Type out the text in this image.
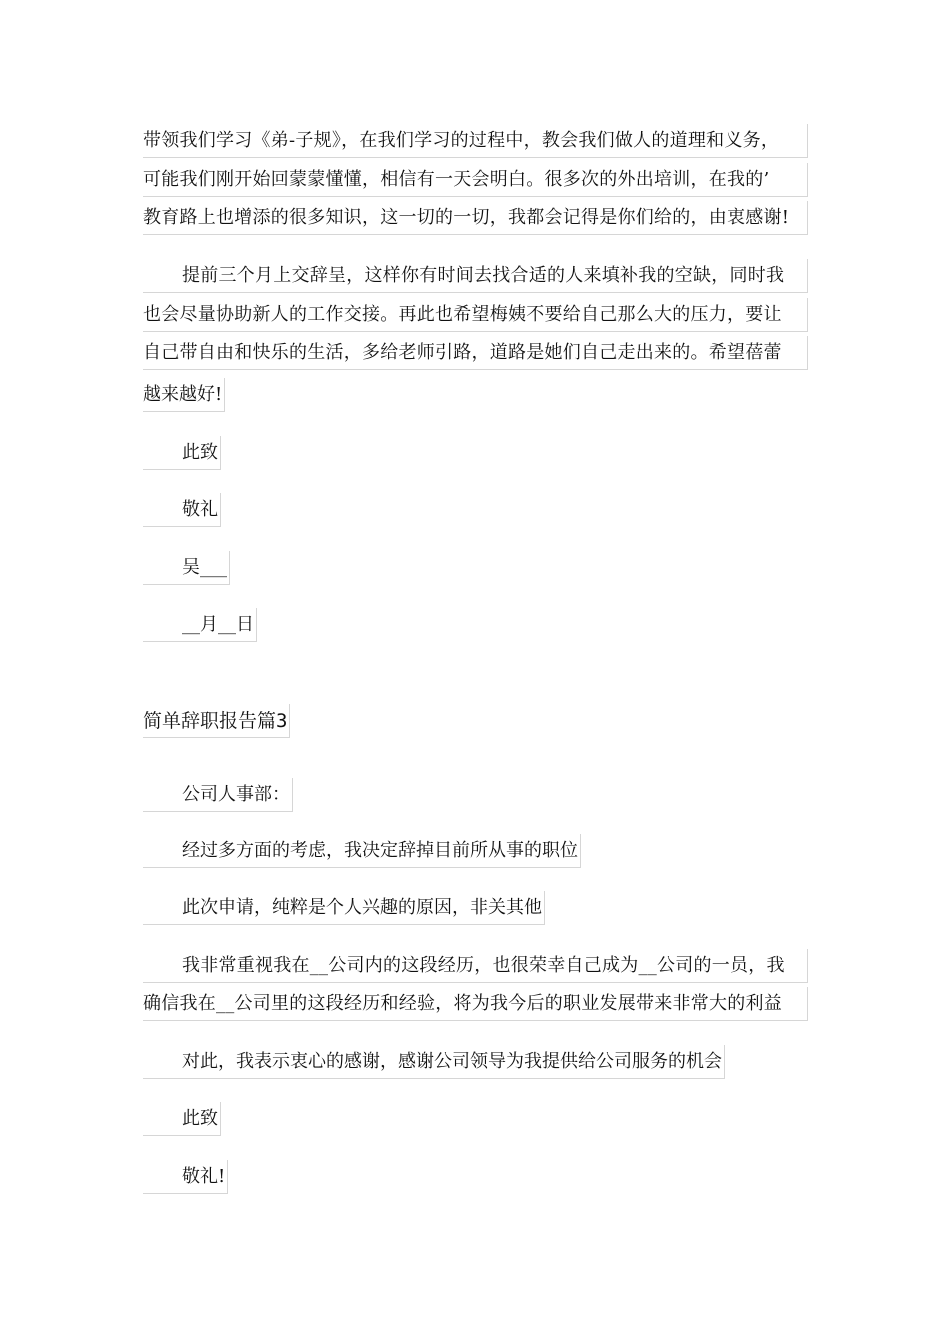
带领我们学习《弟-子规》，在我们学习的过程中，教会我们做人的道理和义务，
可能我们刚开始回蒙蒙懂懂，相信有一天会明白。很多次的外出培训，在我的’
教育路上也增添的很多知识，这一切的一切，我都会记得是你们给的，由衷感谢!
提前三个月上交辞呈，这样你有时间去找合适的人来填补我的空缺，同时我
也会尽量协助新人的工作交接。再此也希望梅姨不要给自己那么大的压力，要让
自己带自由和快乐的生活，多给老师引路，道路是她们自己走出来的。希望蓓蕾
越来越好!
此致
敬礼
吴___
__月__日
简单辞职报告篇3
公司人事部：
经过多方面的考虑，我决定辞掉目前所从事的职位
此次申请，纯粹是个人兴趣的原因，非关其他
我非常重视我在__公司内的这段经历，也很荣幸自己成为__公司的一员，我
确信我在__公司里的这段经历和经验，将为我今后的职业发展带来非常大的利益
对此，我表示衷心的感谢，感谢公司领导为我提供给公司服务的机会
此致
敬礼!
